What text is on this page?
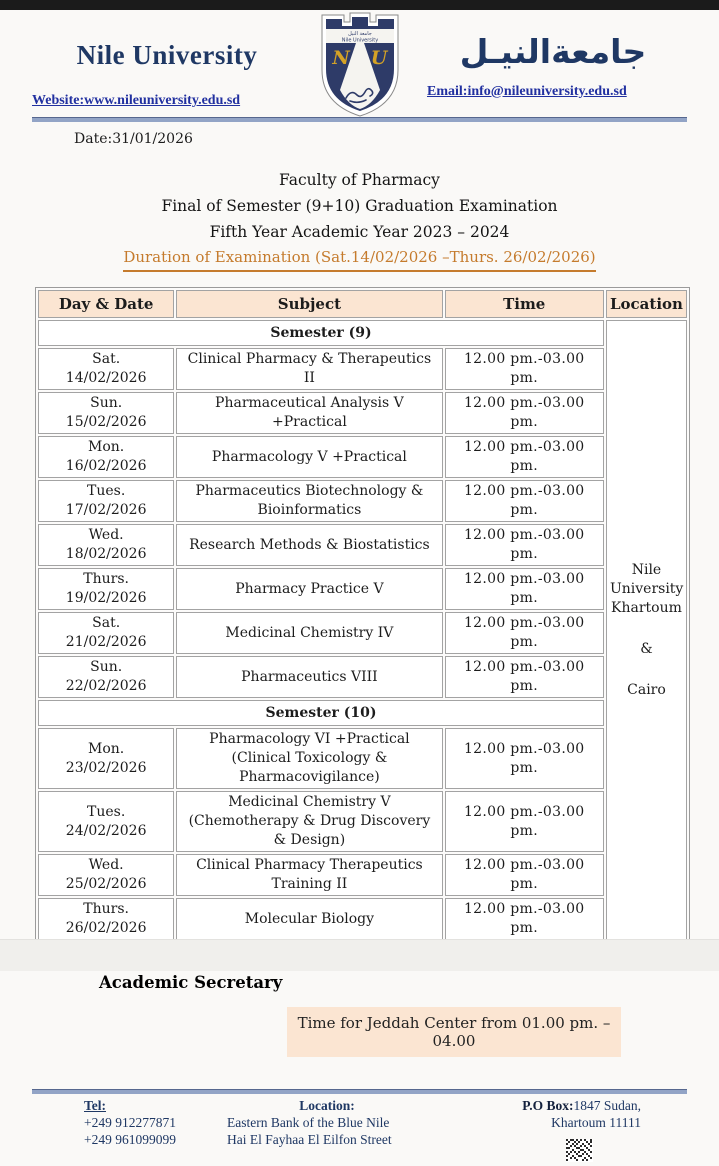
Nile University
Website:www.nileuniversity.edu.sd
جامعة النيل
Nile University
N U	جامعةالنيـل
Email:info@nileuniversity.edu.sd
Date:31/01/2026
Faculty of Pharmacy
Final of Semester (9+10) Graduation Examination
Fifth Year Academic Year 2023 – 2024
Duration of Examination (Sat.14/02/2026 –Thurs. 26/02/2026)
Day & Date	Subject	Time	Location
Semester (9)			Nile
University
Khartoum
&
Cairo
Sat.14/02/2026	Clinical Pharmacy & Therapeutics II	12.00 pm.-03.00 pm.	
Sun.15/02/2026	Pharmaceutical Analysis V +Practical	12.00 pm.-03.00 pm.	
Mon.16/02/2026	Pharmacology V +Practical	12.00 pm.-03.00 pm.	
Tues.17/02/2026	Pharmaceutics Biotechnology &
Bioinformatics	12.00 pm.-03.00 pm.	
Wed.18/02/2026	Research Methods & Biostatistics	12.00 pm.-03.00 pm.	
Thurs.19/02/2026	Pharmacy Practice V	12.00 pm.-03.00 pm.	
Sat.21/02/2026	Medicinal Chemistry IV	12.00 pm.-03.00 pm.	
Sun.22/02/2026	Pharmaceutics VIII	12.00 pm.-03.00 pm.	
Semester (10)			
Mon.23/02/2026	Pharmacology VI +Practical
(Clinical Toxicology & Pharmacovigilance)	12.00 pm.-03.00 pm.	
Tues.24/02/2026	Medicinal Chemistry V
(Chemotherapy & Drug Discovery & Design)	12.00 pm.-03.00 pm.	
Wed.25/02/2026	Clinical Pharmacy Therapeutics Training II	12.00 pm.-03.00 pm.	
Thurs.26/02/2026	Molecular Biology	12.00 pm.-03.00 pm.	
Academic Secretary
Time for Jeddah Center from 01.00 pm. – 04.00
Tel:
+249 912277871
+249 961099099
Location:
Eastern Bank of the Blue Nile
Hai El Fayhaa El Eilfon Street
P.O Box:1847 Sudan, Khartoum 11111
